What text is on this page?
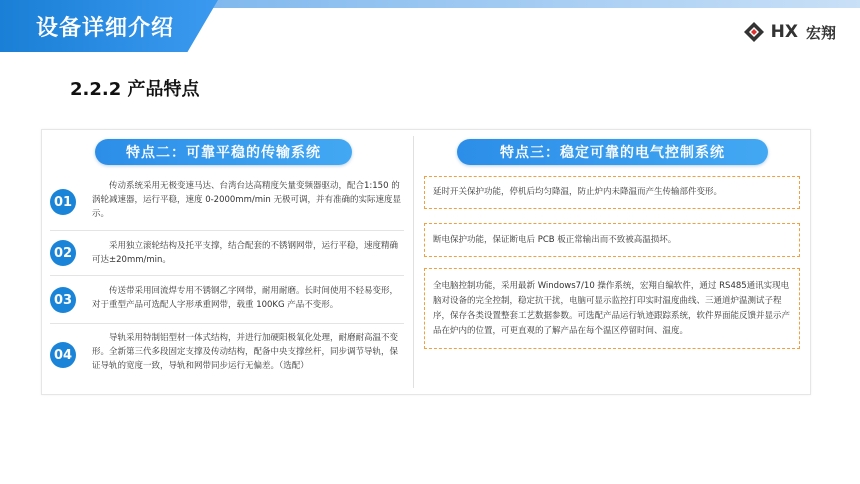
设备详细介绍	HX 宏翔
2.2.2 产品特点
特点二：可靠平稳的传输系统	特点三：稳定可靠的电气控制系统
01
传动系统采用无极变速马达、台湾台达高精度矢量变频器驱动，配合1:150 的涡轮减速器，运行平稳，速度 0-2000mm/min 无极可调，并有准确的实际速度显示。
02	采用独立滚轮结构及托平支撑，结合配套的不锈钢网带，运行平稳，速度精确可达±20mm/min。
03
传送带采用回流焊专用不锈钢乙字网带，耐用耐磨。长时间使用不轻易变形，对于重型产品可选配人字形承重网带，载重 100KG 产品不变形。
04
导轨采用特制铝型材一体式结构，并进行加硬阳极氧化处理，耐磨耐高温不变形。全新第三代多段固定支撑及传动结构，配备中央支撑丝杆，同步调节导轨，保证导轨的宽度一致，导轨和网带同步运行无偏差。（选配）
延时开关保护功能，停机后均匀降温，防止炉内未降温而产生传输部件变形。
断电保护功能，保证断电后 PCB 板正常输出而不致被高温损坏。
全电脑控制功能，采用最新 Windows7/10 操作系统，宏翔自编软件，通过 RS485通讯实现电脑对设备的完全控制，稳定抗干扰，电脑可显示监控打印实时温度曲线、三通道炉温测试子程序，保存各类设置整套工艺数据参数。可选配产品运行轨迹跟踪系统，软件界面能反馈并显示产品在炉内的位置，可更直观的了解产品在每个温区停留时间、温度。
